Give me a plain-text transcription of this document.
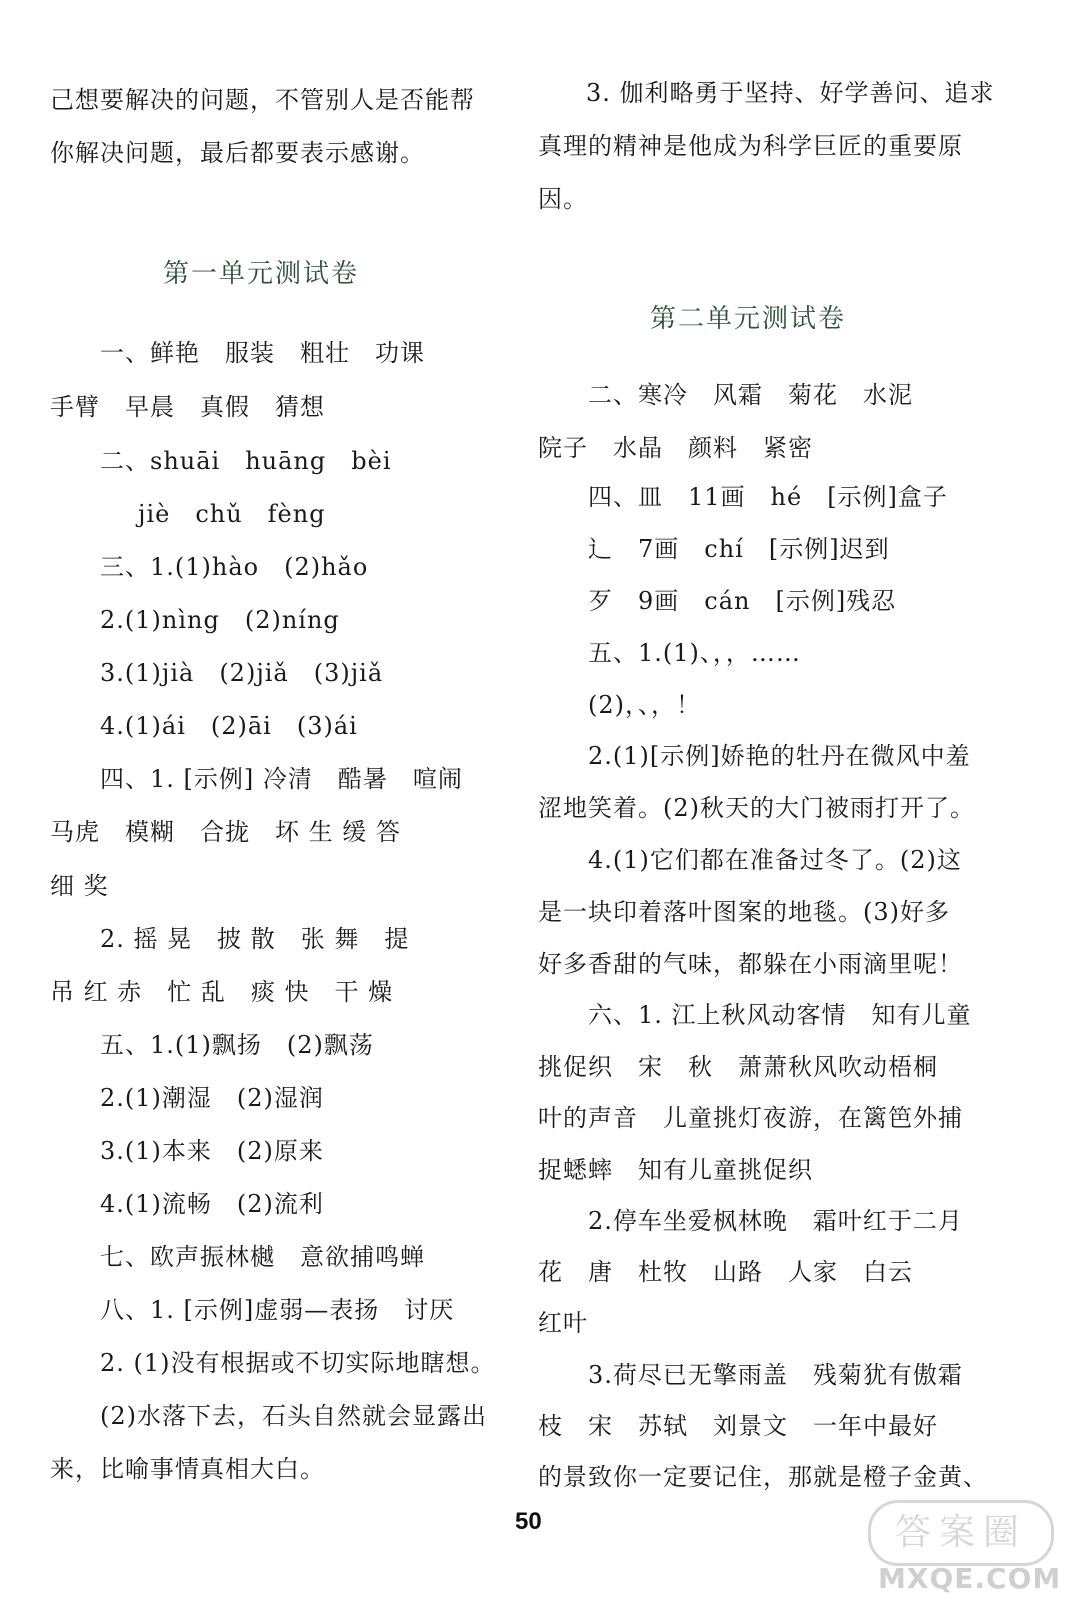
己想要解决的问题，不管别人是否能帮
你解决问题，最后都要表示感谢。
第一单元测试卷
一、鲜艳　服装　粗壮　功课
手臂　早晨　真假　猜想
二、shuāi　huāng　bèi
jiè　chǔ　fèng
三、1.(1)hào　(2)hǎo
2.(1)nìng　(2)níng
3.(1)jià　(2)jiǎ　(3)jiǎ
4.(1)ái　(2)āi　(3)ái
四、1. [示例] 冷清　酷暑　喧闹
马虎　模糊　合拢　坏 生 缓 答
细 奖
2. 摇 晃　披 散　张 舞　提
吊 红 赤　忙 乱　痰 快　干 燥
五、1.(1)飘扬　(2)飘荡
2.(1)潮湿　(2)湿润
3.(1)本来　(2)原来
4.(1)流畅　(2)流利
七、欧声振林樾　意欲捕鸣蝉
八、1. [示例]虚弱—表扬　讨厌
2. (1)没有根据或不切实际地瞎想。
(2)水落下去，石头自然就会显露出
来，比喻事情真相大白。
3. 伽利略勇于坚持、好学善问、追求
真理的精神是他成为科学巨匠的重要原
因。
第二单元测试卷
二、寒冷　风霜　菊花　水泥
院子　水晶　颜料　紧密
四、皿　11画　hé　[示例]盒子
辶　7画　chí　[示例]迟到
歹　9画　cán　[示例]残忍
五、1.(1)、，，……
(2)，、，！
2.(1)[示例]娇艳的牡丹在微风中羞
涩地笑着。(2)秋天的大门被雨打开了。
4.(1)它们都在准备过冬了。(2)这
是一块印着落叶图案的地毯。(3)好多
好多香甜的气味，都躲在小雨滴里呢！
六、1. 江上秋风动客情　知有儿童
挑促织　宋　秋　萧萧秋风吹动梧桐
叶的声音　儿童挑灯夜游，在篱笆外捕
捉蟋蟀　知有儿童挑促织
2.停车坐爱枫林晚　霜叶红于二月
花　唐　杜牧　山路　人家　白云
红叶
3.荷尽已无擎雨盖　残菊犹有傲霜
枝　宋　苏轼　刘景文　一年中最好
的景致你一定要记住，那就是橙子金黄、
50	答案圈
MXQE.COM
